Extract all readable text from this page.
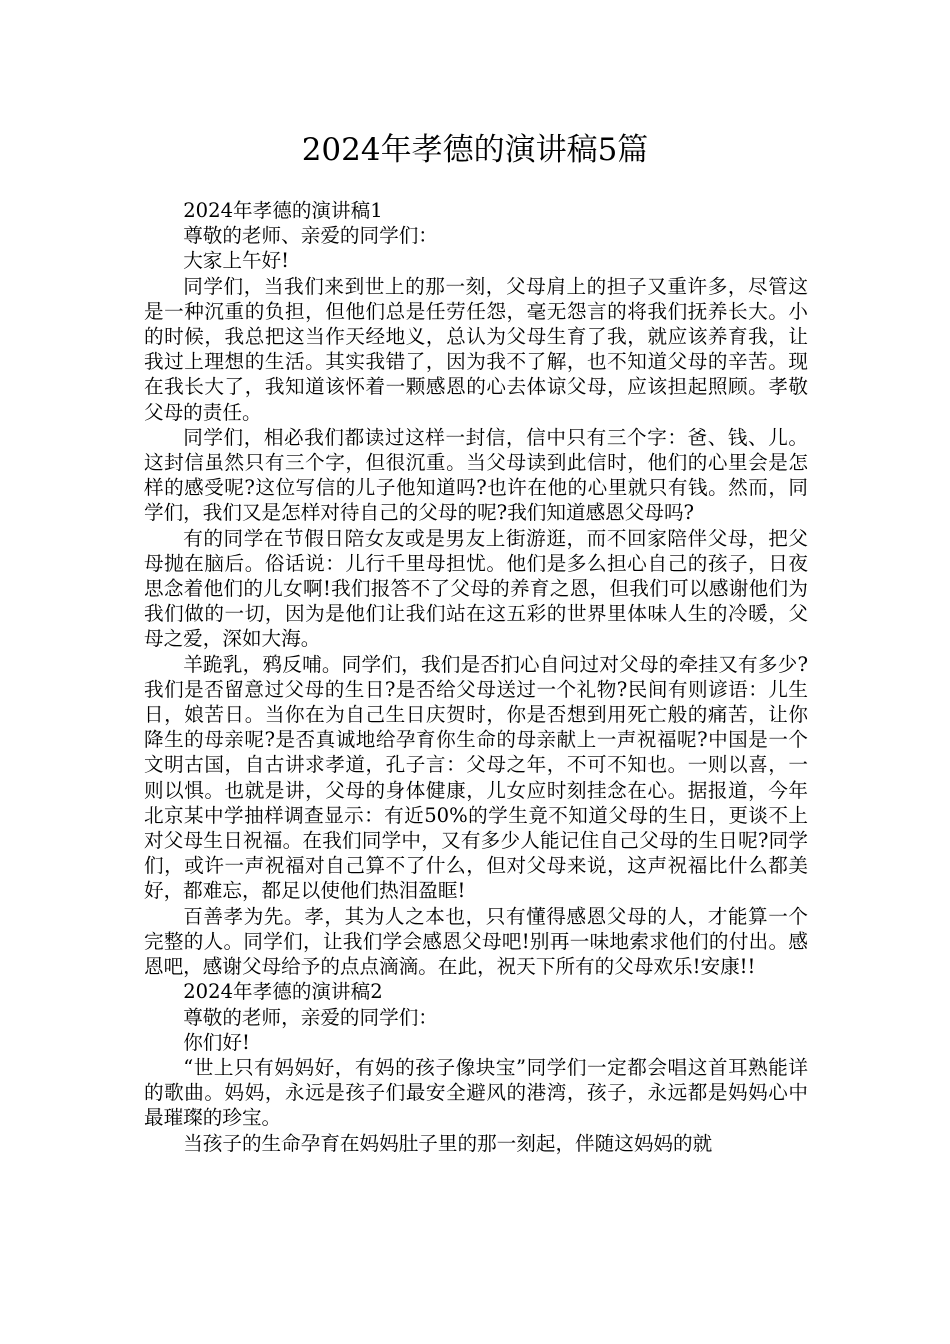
2024年孝德的演讲稿5篇

2024年孝德的演讲稿1

尊敬的老师、亲爱的同学们：

大家上午好!

同学们，当我们来到世上的那一刻，父母肩上的担子又重许多，尽管这是一种沉重的负担，但他们总是任劳任怨，毫无怨言的将我们抚养长大。小的时候，我总把这当作天经地义，总认为父母生育了我，就应该养育我，让我过上理想的生活。其实我错了，因为我不了解，也不知道父母的辛苦。现在我长大了，我知道该怀着一颗感恩的心去体谅父母，应该担起照顾。孝敬父母的责任。

同学们，相必我们都读过这样一封信，信中只有三个字：爸、钱、儿。这封信虽然只有三个字，但很沉重。当父母读到此信时，他们的心里会是怎样的感受呢?这位写信的儿子他知道吗?也许在他的心里就只有钱。然而，同学们，我们又是怎样对待自己的父母的呢?我们知道感恩父母吗?

有的同学在节假日陪女友或是男友上街游逛，而不回家陪伴父母，把父母抛在脑后。俗话说：儿行千里母担忧。他们是多么担心自己的孩子，日夜思念着他们的儿女啊!我们报答不了父母的养育之恩，但我们可以感谢他们为我们做的一切，因为是他们让我们站在这五彩的世界里体味人生的冷暖，父母之爱，深如大海。

羊跪乳，鸦反哺。同学们，我们是否扪心自问过对父母的牵挂又有多少?我们是否留意过父母的生日?是否给父母送过一个礼物?民间有则谚语：儿生日，娘苦日。当你在为自己生日庆贺时，你是否想到用死亡般的痛苦，让你降生的母亲呢?是否真诚地给孕育你生命的母亲献上一声祝福呢?中国是一个文明古国，自古讲求孝道，孔子言：父母之年，不可不知也。一则以喜，一则以惧。也就是讲，父母的身体健康，儿女应时刻挂念在心。据报道，今年北京某中学抽样调查显示：有近50%的学生竟不知道父母的生日，更谈不上对父母生日祝福。在我们同学中，又有多少人能记住自己父母的生日呢?同学们，或许一声祝福对自己算不了什么，但对父母来说，这声祝福比什么都美好，都难忘，都足以使他们热泪盈眶!

百善孝为先。孝，其为人之本也，只有懂得感恩父母的人，才能算一个完整的人。同学们，让我们学会感恩父母吧!别再一味地索求他们的付出。感恩吧，感谢父母给予的点点滴滴。在此，祝天下所有的父母欢乐!安康!!

2024年孝德的演讲稿2

尊敬的老师，亲爱的同学们：

你们好!

“世上只有妈妈好，有妈的孩子像块宝”同学们一定都会唱这首耳熟能详的歌曲。妈妈，永远是孩子们最安全避风的港湾，孩子，永远都是妈妈心中最璀璨的珍宝。

当孩子的生命孕育在妈妈肚子里的那一刻起，伴随这妈妈的就
